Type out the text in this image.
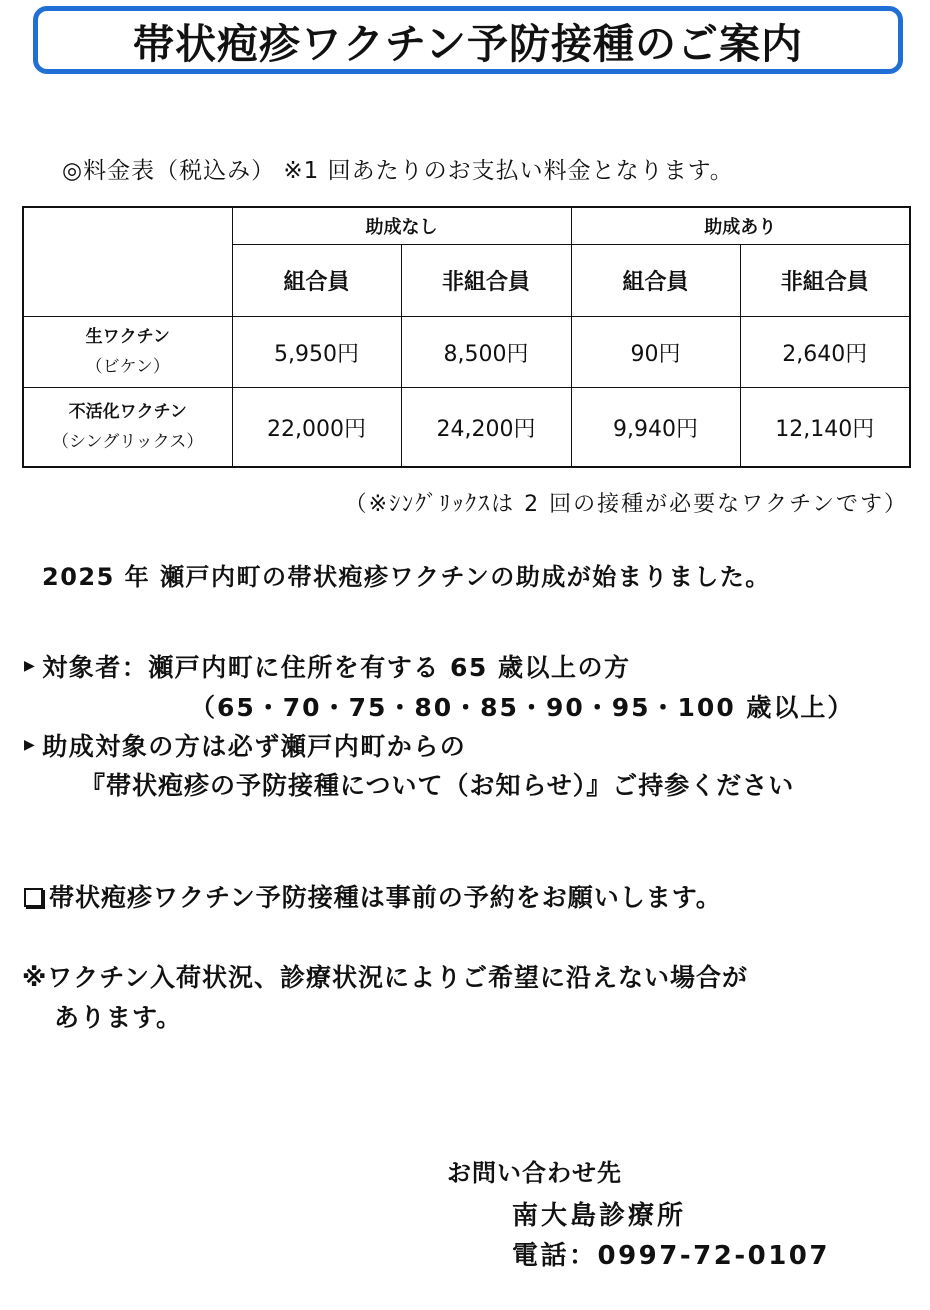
帯状疱疹ワクチン予防接種のご案内
◎料金表（税込み） ※1 回あたりのお支払い料金となります。
	助成なし		助成あり	
	組合員	非組合員	組合員	非組合員

生ワクチン
（ビケン）	5,950円	8,500円	90円	2,640円

不活化ワクチン
（シングリックス）	22,000円	24,200円	9,940円	12,140円
（※ｼﾝｸﾞﾘｯｸｽは 2 回の接種が必要なワクチンです）
2025 年 瀬戸内町の帯状疱疹ワクチンの助成が始まりました。
▶ 対象者：瀬戸内町に住所を有する 65 歳以上の方
（65・70・75・80・85・90・95・100 歳以上）
▶ 助成対象の方は必ず瀬戸内町からの
『帯状疱疹の予防接種について（お知らせ）』ご持参ください
帯状疱疹ワクチン予防接種は事前の予約をお願いします。
※ワクチン入荷状況、診療状況によりご希望に沿えない場合が
あります。
お問い合わせ先
南大島診療所
電話：0997-72-0107
